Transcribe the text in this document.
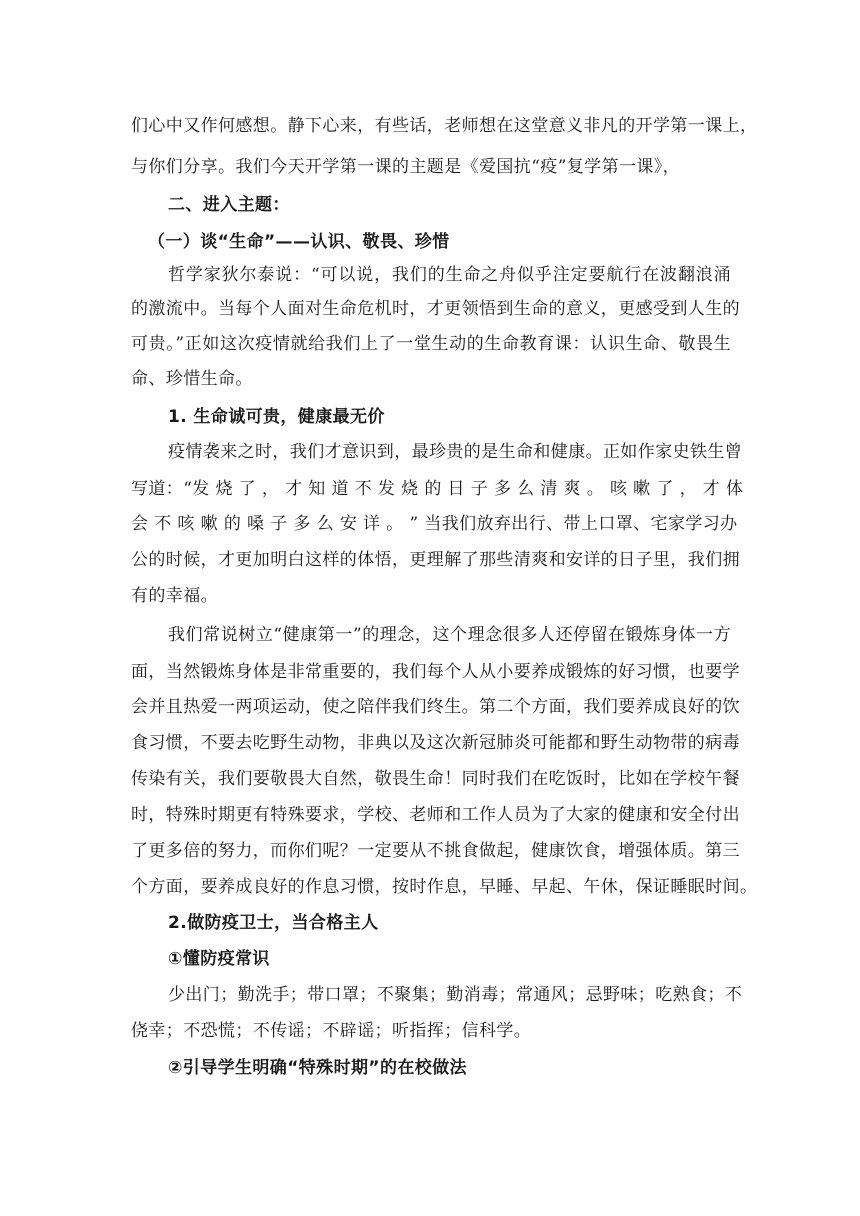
们心中又作何感想。静下心来，有些话，老师想在这堂意义非凡的开学第一课上，
与你们分享。我们今天开学第一课的主题是《爱国抗“疫”复学第一课》，
二、进入主题：
（一）谈“生命”——认识、敬畏、珍惜
哲学家狄尔泰说：“可以说，我们的生命之舟似乎注定要航行在波翻浪涌
的激流中。当每个人面对生命危机时，才更领悟到生命的意义，更感受到人生的
可贵。”正如这次疫情就给我们上了一堂生动的生命教育课：认识生命、敬畏生
命、珍惜生命。
1. 生命诚可贵，健康最无价
疫情袭来之时，我们才意识到，最珍贵的是生命和健康。正如作家史铁生曾
写道：“发 烧 了 ， 才 知 道 不 发 烧 的 日 子 多 么 清 爽 。 咳 嗽 了 ， 才 体
会 不 咳 嗽 的 嗓 子 多 么 安 详 。 ” 当我们放弃出行、带上口罩、宅家学习办
公的时候，才更加明白这样的体悟，更理解了那些清爽和安详的日子里，我们拥
有的幸福。
我们常说树立“健康第一”的理念，这个理念很多人还停留在锻炼身体一方
面，当然锻炼身体是非常重要的，我们每个人从小要养成锻炼的好习惯，也要学
会并且热爱一两项运动，使之陪伴我们终生。第二个方面，我们要养成良好的饮
食习惯，不要去吃野生动物，非典以及这次新冠肺炎可能都和野生动物带的病毒
传染有关，我们要敬畏大自然，敬畏生命！同时我们在吃饭时，比如在学校午餐
时，特殊时期更有特殊要求，学校、老师和工作人员为了大家的健康和安全付出
了更多倍的努力，而你们呢？一定要从不挑食做起，健康饮食，增强体质。第三
个方面，要养成良好的作息习惯，按时作息，早睡、早起、午休，保证睡眠时间。
2.做防疫卫士，当合格主人
①懂防疫常识
少出门；勤洗手；带口罩；不聚集；勤消毒；常通风；忌野味；吃熟食；不
侥幸；不恐慌；不传谣；不辟谣；听指挥；信科学。
②引导学生明确“特殊时期”的在校做法
